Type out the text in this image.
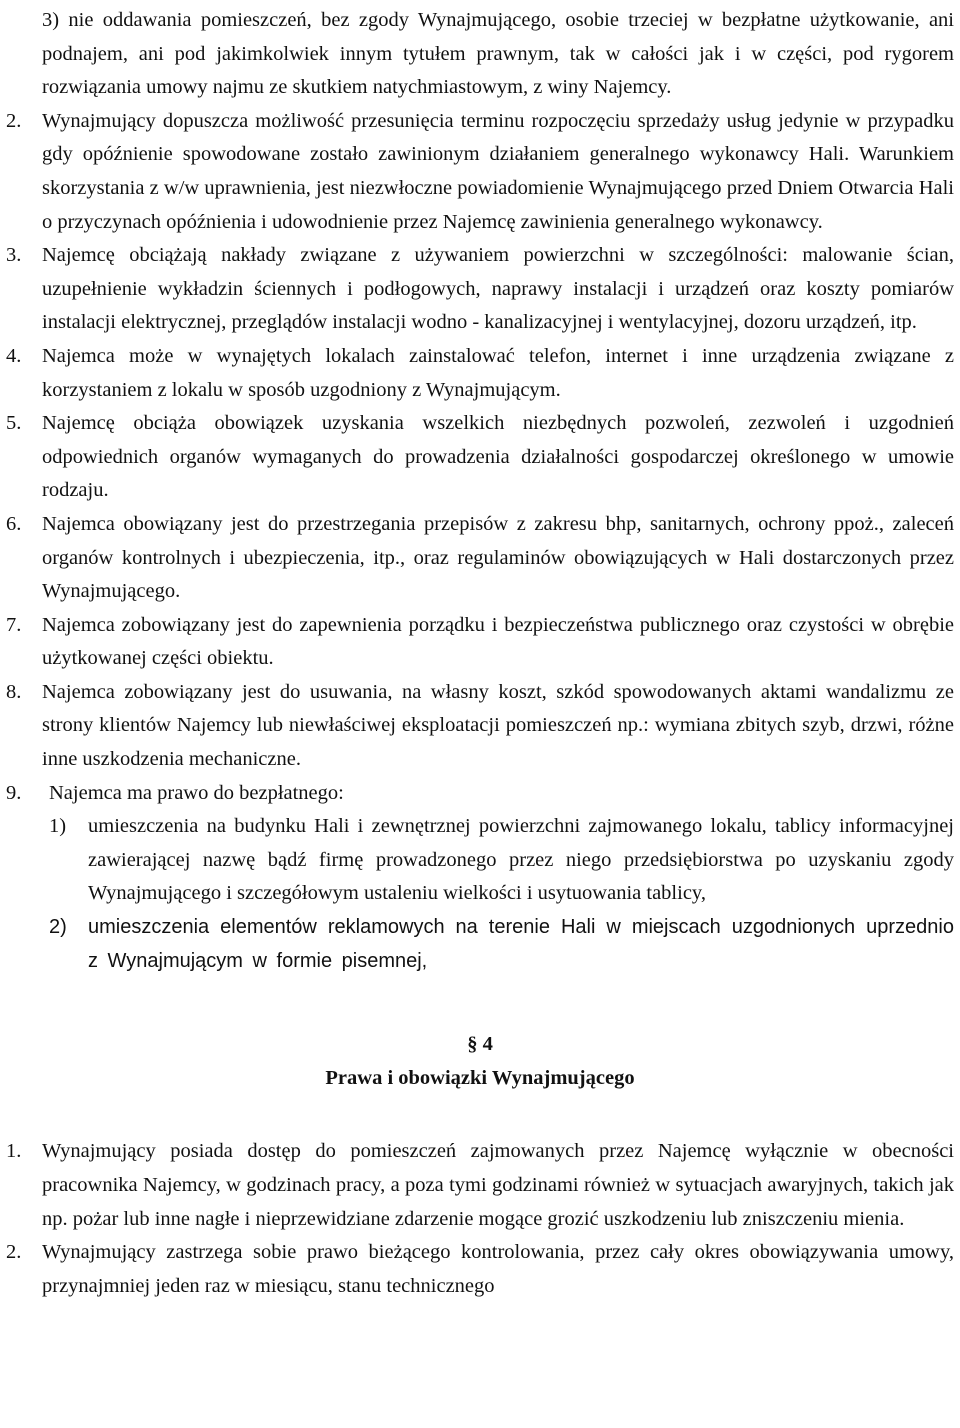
3) nie oddawania pomieszczeń, bez zgody Wynajmującego, osobie trzeciej w bezpłatne użytkowanie, ani podnajem, ani pod jakimkolwiek innym tytułem prawnym, tak w całości jak i w części, pod rygorem rozwiązania umowy najmu ze skutkiem natychmiastowym, z winy Najemcy.
2. Wynajmujący dopuszcza możliwość przesunięcia terminu rozpoczęciu sprzedaży usług jedynie w przypadku gdy opóźnienie spowodowane zostało zawinionym działaniem generalnego wykonawcy Hali. Warunkiem skorzystania z w/w uprawnienia, jest niezwłoczne powiadomienie Wynajmującego przed Dniem Otwarcia Hali o przyczynach opóźnienia i udowodnienie przez Najemcę zawinienia generalnego wykonawcy.
3. Najemcę obciążają nakłady związane z używaniem powierzchni w szczególności: malowanie ścian, uzupełnienie wykładzin ściennych i podłogowych, naprawy instalacji i urządzeń oraz koszty pomiarów instalacji elektrycznej, przeglądów instalacji wodno - kanalizacyjnej i wentylacyjnej, dozoru urządzeń, itp.
4. Najemca może w wynajętych lokalach zainstalować telefon, internet i inne urządzenia związane z korzystaniem z lokalu w sposób uzgodniony z Wynajmującym.
5. Najemcę obciąża obowiązek uzyskania wszelkich niezbędnych pozwoleń, zezwoleń i uzgodnień odpowiednich organów wymaganych do prowadzenia działalności gospodarczej określonego w umowie rodzaju.
6. Najemca obowiązany jest do przestrzegania przepisów z zakresu bhp, sanitarnych, ochrony ppoż., zaleceń organów kontrolnych i ubezpieczenia, itp., oraz regulaminów obowiązujących w Hali dostarczonych przez Wynajmującego.
7. Najemca zobowiązany jest do zapewnienia porządku i bezpieczeństwa publicznego oraz czystości w obrębie użytkowanej części obiektu.
8. Najemca zobowiązany jest do usuwania, na własny koszt, szkód spowodowanych aktami wandalizmu ze strony klientów Najemcy lub niewłaściwej eksploatacji pomieszczeń np.: wymiana zbitych szyb, drzwi, różne inne uszkodzenia mechaniczne.
9. Najemca ma prawo do bezpłatnego:
1) umieszczenia na budynku Hali i zewnętrznej powierzchni zajmowanego lokalu, tablicy informacyjnej zawierającej nazwę bądź firmę prowadzonego przez niego przedsiębiorstwa po uzyskaniu zgody Wynajmującego i szczegółowym ustaleniu wielkości i usytuowania tablicy,
2) umieszczenia elementów reklamowych na terenie Hali w miejscach uzgodnionych uprzednio z Wynajmującym w formie pisemnej,
§ 4
Prawa i obowiązki Wynajmującego
1. Wynajmujący posiada dostęp do pomieszczeń zajmowanych przez Najemcę wyłącznie w obecności pracownika Najemcy, w godzinach pracy, a poza tymi godzinami również w sytuacjach awaryjnych, takich jak np. pożar lub inne nagłe i nieprzewidziane zdarzenie mogące grozić uszkodzeniu lub zniszczeniu mienia.
2. Wynajmujący zastrzega sobie prawo bieżącego kontrolowania, przez cały okres obowiązywania umowy, przynajmniej jeden raz w miesiącu, stanu technicznego
